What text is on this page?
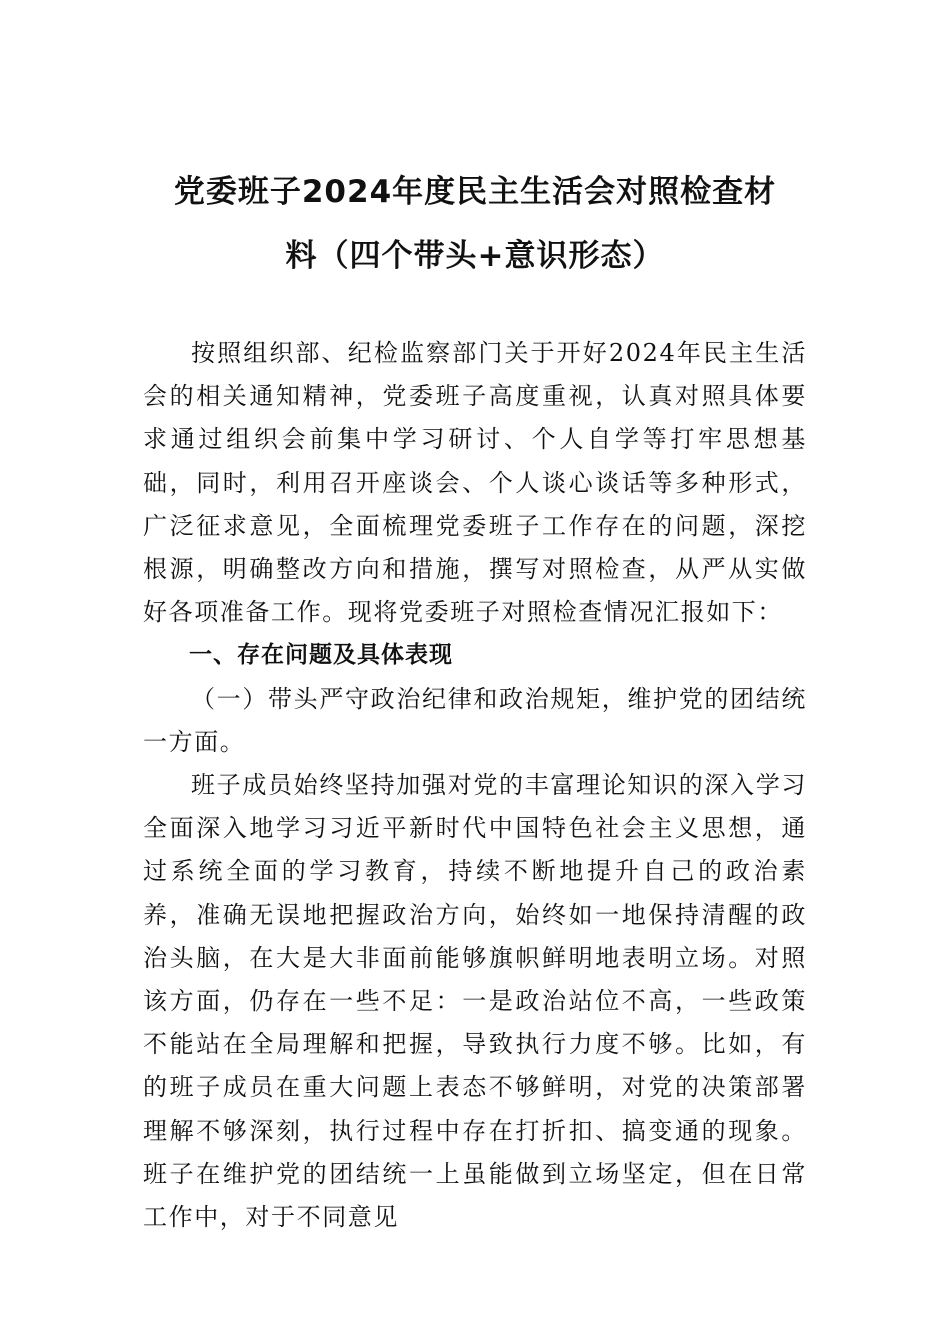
党委班子2024年度民主生活会对照检查材
料（四个带头+意识形态）

按照组织部、纪检监察部门关于开好2024年民主生活会的相关通知精神，党委班子高度重视，认真对照具体要求通过组织会前集中学习研讨、个人自学等打牢思想基础，同时，利用召开座谈会、个人谈心谈话等多种形式，广泛征求意见，全面梳理党委班子工作存在的问题，深挖根源，明确整改方向和措施，撰写对照检查，从严从实做好各项准备工作。现将党委班子对照检查情况汇报如下：

一、存在问题及具体表现

（一）带头严守政治纪律和政治规矩，维护党的团结统一方面。

班子成员始终坚持加强对党的丰富理论知识的深入学习全面深入地学习习近平新时代中国特色社会主义思想，通过系统全面的学习教育，持续不断地提升自己的政治素养，准确无误地把握政治方向，始终如一地保持清醒的政治头脑，在大是大非面前能够旗帜鲜明地表明立场。对照该方面，仍存在一些不足：一是政治站位不高，一些政策不能站在全局理解和把握，导致执行力度不够。比如，有的班子成员在重大问题上表态不够鲜明，对党的决策部署理解不够深刻，执行过程中存在打折扣、搞变通的现象。班子在维护党的团结统一上虽能做到立场坚定，但在日常工作中，对于不同意见
